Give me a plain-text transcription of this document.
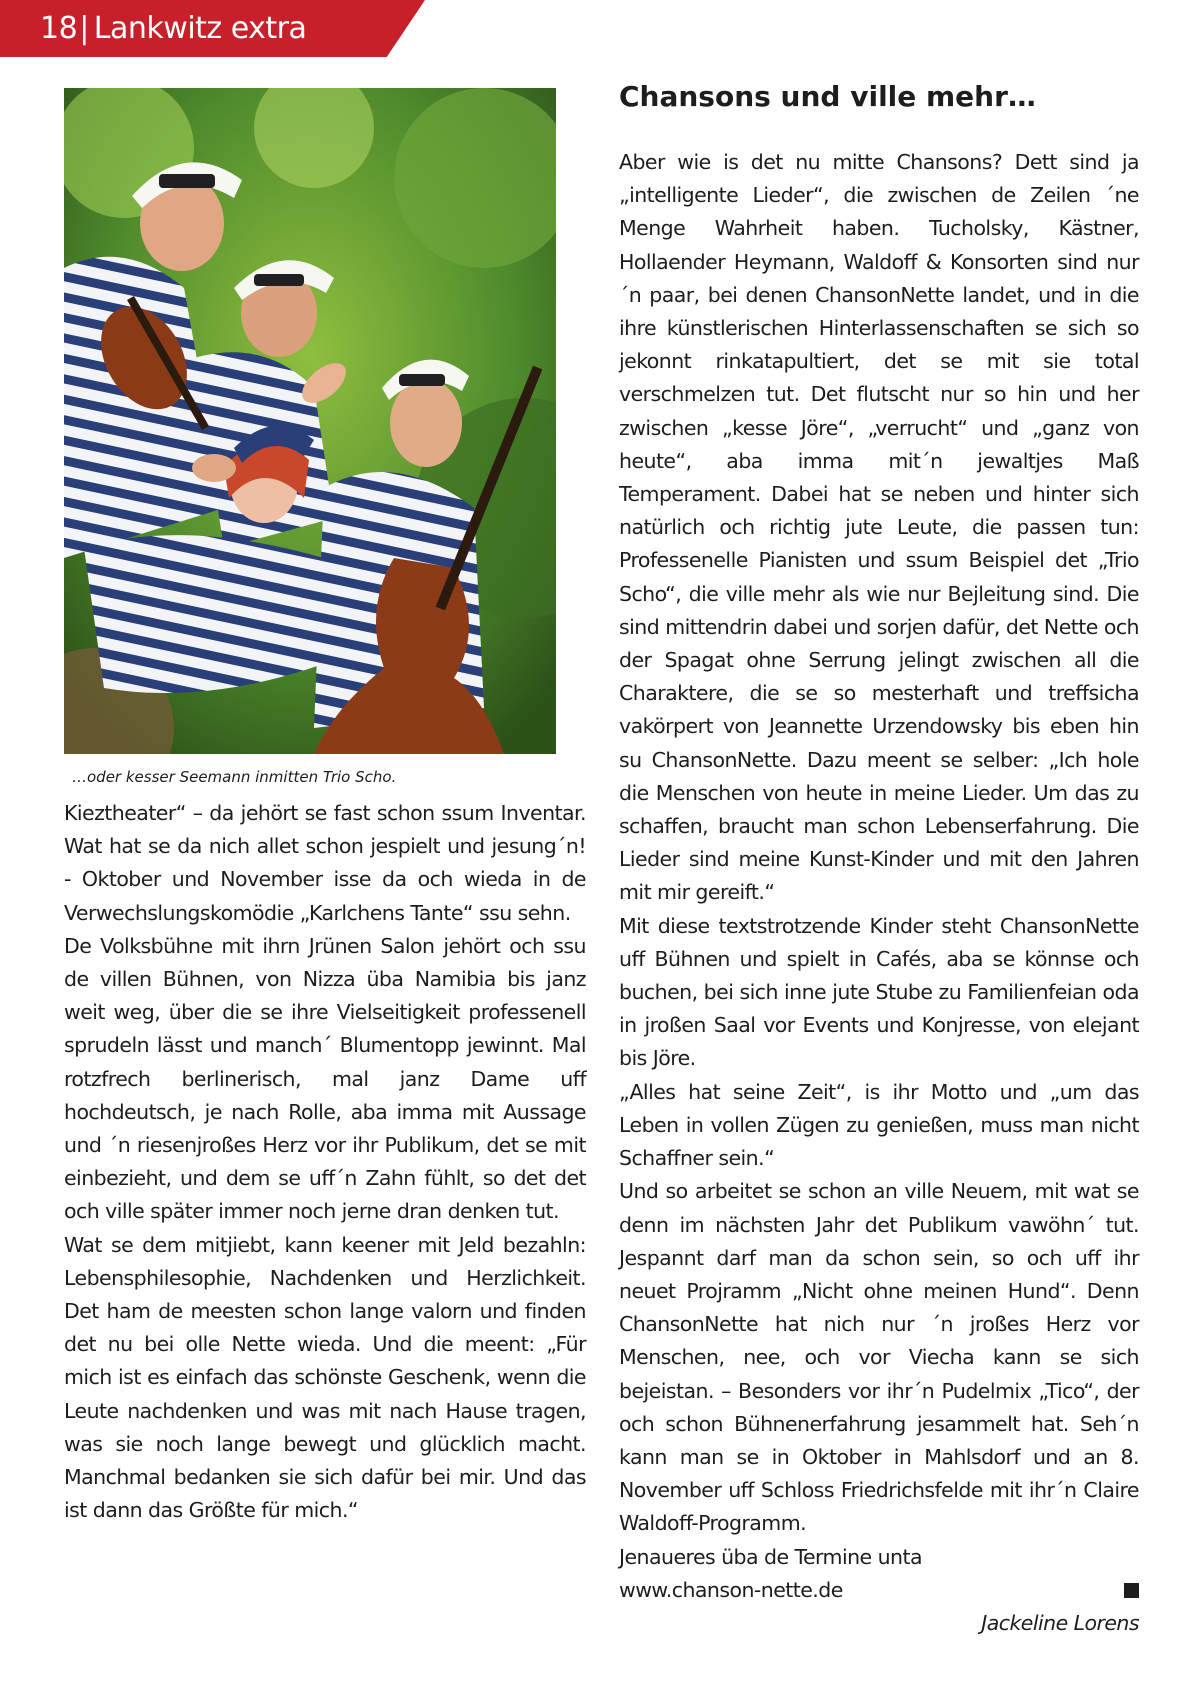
18| Lankwitz extra
…oder kesser Seemann inmitten Trio Scho.
Chansons und ville mehr…

Kieztheater“ – da jehört se fast schon ssum Inventar. Wat hat se da nich allet schon jespielt und jesung´n! - Oktober und November isse da och wieda in de Verwechslungskomödie „Karlchens Tante“ ssu sehn.

De Volksbühne mit ihrn Jrünen Salon jehört och ssu de villen Bühnen, von Nizza üba Namibia bis janz weit weg, über die se ihre Vielseitigkeit professenell sprudeln lässt und manch´ Blumentopp jewinnt. Mal rotzfrech berlinerisch, mal janz Dame uff hochdeutsch, je nach Rolle, aba imma mit Aussage und ´n riesenjroßes Herz vor ihr Publikum, det se mit einbezieht, und dem se uff´n Zahn fühlt, so det det och ville später immer noch jerne dran denken tut.

Wat se dem mitjiebt, kann keener mit Jeld bezahln: Lebensphilesophie, Nachdenken und Herzlichkeit. Det ham de meesten schon lange valorn und finden det nu bei olle Nette wieda. Und die meent: „Für mich ist es einfach das schönste Geschenk, wenn die Leute nachdenken und was mit nach Hause tragen, was sie noch lange bewegt und glücklich macht. Manchmal bedanken sie sich dafür bei mir. Und das ist dann das Größte für mich.“

Aber wie is det nu mitte Chansons? Dett sind ja „intelligente Lieder“, die zwischen de Zeilen ´ne Menge Wahrheit haben. Tucholsky, Kästner, Hollaender Heymann, Waldoff & Konsorten sind nur ´n paar, bei denen ChansonNette landet, und in die ihre künstlerischen Hinterlassenschaften se sich so jekonnt rinkatapultiert, det se mit sie total verschmelzen tut. Det flutscht nur so hin und her zwischen „kesse Jöre“, „verrucht“ und „ganz von heute“, aba imma mit´n jewaltjes Maß Temperament. Dabei hat se neben und hinter sich natürlich och richtig jute Leute, die passen tun: Professenelle Pianisten und ssum Beispiel det „Trio Scho“, die ville mehr als wie nur Bejleitung sind. Die sind mittendrin dabei und sorjen dafür, det Nette och der Spagat ohne Serrung jelingt zwischen all die Charaktere, die se so mesterhaft und treffsicha vakörpert von Jeannette Urzendowsky bis eben hin su ChansonNette. Dazu meent se selber: „Ich hole die Menschen von heute in meine Lieder. Um das zu schaffen, braucht man schon Lebenserfahrung. Die Lieder sind meine Kunst-Kinder und mit den Jahren mit mir gereift.“

Mit diese textstrotzende Kinder steht ChansonNette uff Bühnen und spielt in Cafés, aba se könnse och buchen, bei sich inne jute Stube zu Familienfeian oda in jroßen Saal vor Events und Konjresse, von elejant bis Jöre.

„Alles hat seine Zeit“, is ihr Motto und „um das Leben in vollen Zügen zu genießen, muss man nicht Schaffner sein.“

Und so arbeitet se schon an ville Neuem, mit wat se denn im nächsten Jahr det Publikum vawöhn´ tut. Jespannt darf man da schon sein, so och uff ihr neuet Projramm „Nicht ohne meinen Hund“. Denn ChansonNette hat nich nur ´n jroßes Herz vor Menschen, nee, och vor Viecha kann se sich bejeistan. – Besonders vor ihr´n Pudelmix „Tico“, der och schon Bühnenerfahrung jesammelt hat. Seh´n kann man se in Oktober in Mahlsdorf und an 8. November uff Schloss Friedrichsfelde mit ihr´n Claire Waldoff-Programm.

Jenaueres üba de Termine unta

www.chanson-nette.de

Jackeline Lorens
